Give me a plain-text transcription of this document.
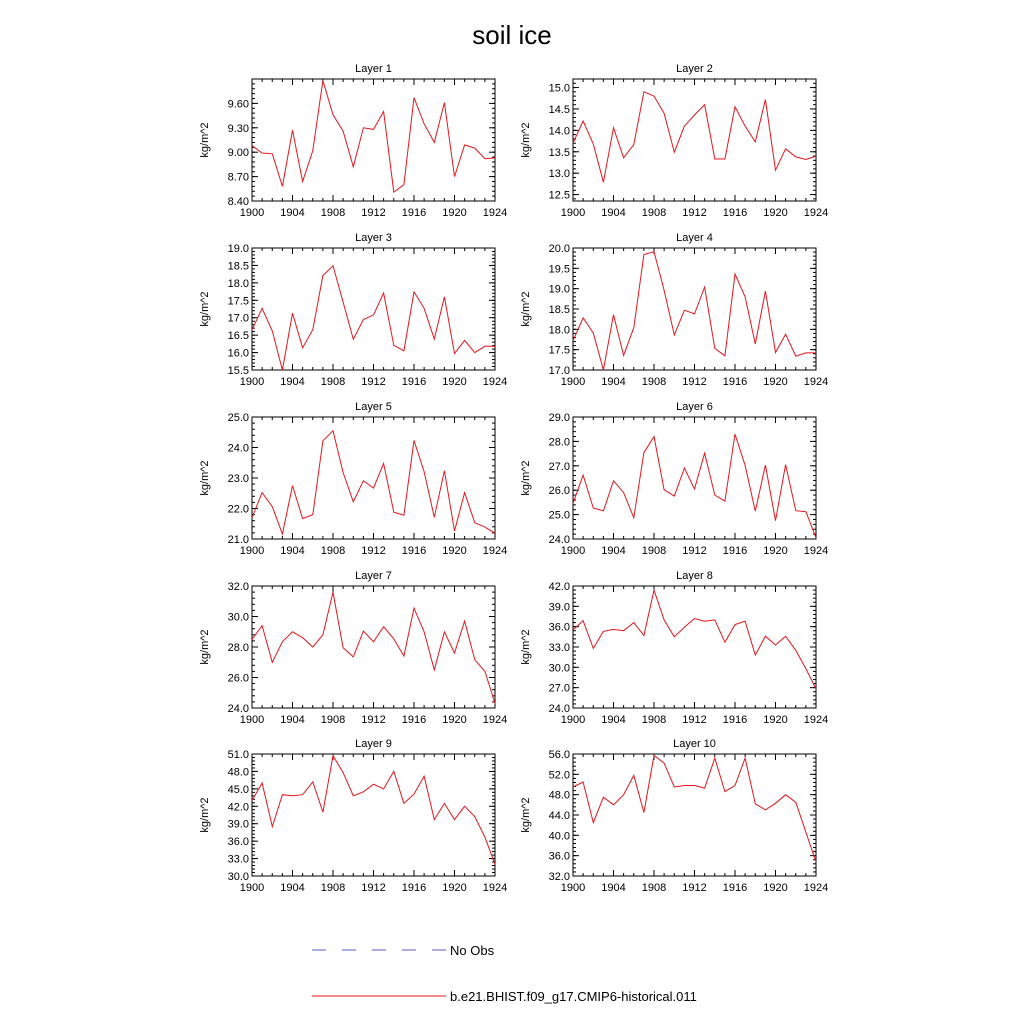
soil ice
Layer 1
1900 1904 1908 1912 1916 1920 1924
8.40
8.70
9.00
9.30
9.60
kg/m^2
Layer 2
1900 1904 1908 1912 1916 1920 1924
12.5
13.0
13.5
14.0
14.5
15.0
kg/m^2
Layer 3
1900 1904 1908 1912 1916 1920 1924
15.5
16.0
16.5
17.0
17.5
18.0
18.5
19.0
kg/m^2
Layer 4
1900 1904 1908 1912 1916 1920 1924
17.0
17.5
18.0
18.5
19.0
19.5
20.0
kg/m^2
Layer 5
1900 1904 1908 1912 1916 1920 1924
21.0
22.0
23.0
24.0
25.0
kg/m^2
Layer 6
1900 1904 1908 1912 1916 1920 1924
24.0
25.0
26.0
27.0
28.0
29.0
kg/m^2
Layer 7
1900 1904 1908 1912 1916 1920 1924
24.0
26.0
28.0
30.0
32.0
kg/m^2
Layer 8
1900 1904 1908 1912 1916 1920 1924
24.0
27.0
30.0
33.0
36.0
39.0
42.0
kg/m^2
Layer 9
1900 1904 1908 1912 1916 1920 1924
30.0
33.0
36.0
39.0
42.0
45.0
48.0
51.0
kg/m^2
Layer 10
1900 1904 1908 1912 1916 1920 1924
32.0
36.0
40.0
44.0
48.0
52.0
56.0
kg/m^2
No Obs
b.e21.BHIST.f09_g17.CMIP6-historical.011
